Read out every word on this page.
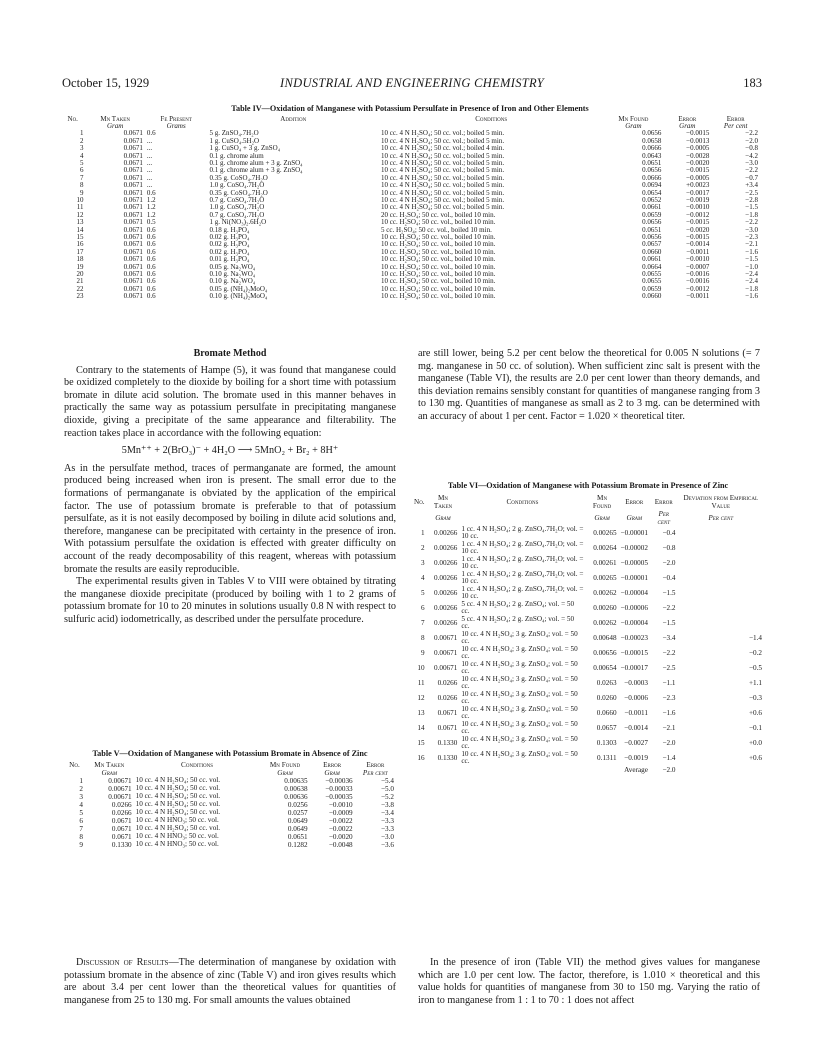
October 15, 1929	INDUSTRIAL AND ENGINEERING CHEMISTRY	183
Table IV—Oxidation of Manganese with Potassium Persulfate in Presence of Iron and Other Elements
No.	Mn Taken	Fe Present	Addition	Conditions	Mn Found	Error	Error
	Gram	Grams			Gram	Gram	Per cent
1	0.0671	0.6	5 g. ZnSO₄.7H₂O	10 cc. 4 N H₂SO₄; 50 cc. vol.; boiled 5 min.	0.0656	−0.0015	−2.2
2	0.0671	...	1 g. CuSO₄.5H₂O	10 cc. 4 N H₂SO₄; 50 cc. vol.; boiled 5 min.	0.0658	−0.0013	−2.0
3	0.0671	...	1 g. CuSO₄ + 3 g. ZnSO₄	10 cc. 4 N H₂SO₄; 50 cc. vol.; boiled 4 min.	0.0666	−0.0005	−0.8
4	0.0671	...	0.1 g. chrome alum	10 cc. 4 N H₂SO₄; 50 cc. vol.; boiled 5 min.	0.0643	−0.0028	−4.2
5	0.0671	...	0.1 g. chrome alum + 3 g. ZnSO₄	10 cc. 4 N H₂SO₄; 50 cc. vol.; boiled 5 min.	0.0651	−0.0020	−3.0
6	0.0671	...	0.1 g. chrome alum + 3 g. ZnSO₄	10 cc. 4 N H₂SO₄; 50 cc. vol.; boiled 5 min.	0.0656	−0.0015	−2.2
7	0.0671	...	0.35 g. CoSO₄.7H₂O	10 cc. 4 N H₂SO₄; 50 cc. vol.; boiled 5 min.	0.0666	−0.0005	−0.7
8	0.0671	...	1.0 g. CoSO₄.7H₂O	10 cc. 4 N H₂SO₄; 50 cc. vol.; boiled 5 min.	0.0694	+0.0023	+3.4
9	0.0671	0.6	0.35 g. CoSO₄.7H₂O	10 cc. 4 N H₂SO₄; 50 cc. vol.; boiled 5 min.	0.0654	−0.0017	−2.5
10	0.0671	1.2	0.7 g. CoSO₄.7H₂O	10 cc. 4 N H₂SO₄; 50 cc. vol.; boiled 5 min.	0.0652	−0.0019	−2.8
11	0.0671	1.2	1.0 g. CoSO₄.7H₂O	10 cc. 4 N H₂SO₄; 50 cc. vol.; boiled 5 min.	0.0661	−0.0010	−1.5
12	0.0671	1.2	0.7 g. CoSO₄.7H₂O	20 cc. H₂SO₄; 50 cc. vol., boiled 10 min.	0.0659	−0.0012	−1.8
13	0.0671	0.5	1 g. Ni(NO₃)₂.6H₂O	10 cc. H₂SO₄; 50 cc. vol., boiled 10 min.	0.0656	−0.0015	−2.2
14	0.0671	0.6	0.18 g. H₃PO₄	5 cc. H₂SO₄; 50 cc. vol., boiled 10 min.	0.0651	−0.0020	−3.0
15	0.0671	0.6	0.02 g. H₃PO₄	10 cc. H₂SO₄; 50 cc. vol., boiled 10 min.	0.0656	−0.0015	−2.3
16	0.0671	0.6	0.02 g. H₃PO₄	10 cc. H₂SO₄; 50 cc. vol., boiled 10 min.	0.0657	−0.0014	−2.1
17	0.0671	0.6	0.02 g. H₃PO₄	10 cc. H₂SO₄; 50 cc. vol., boiled 10 min.	0.0660	−0.0011	−1.6
18	0.0671	0.6	0.01 g. H₃PO₄	10 cc. H₂SO₄; 50 cc. vol., boiled 10 min.	0.0661	−0.0010	−1.5
19	0.0671	0.6	0.05 g. Na₂WO₄	10 cc. H₂SO₄; 50 cc. vol., boiled 10 min.	0.0664	−0.0007	−1.0
20	0.0671	0.6	0.10 g. Na₂WO₄	10 cc. H₂SO₄; 50 cc. vol., boiled 10 min.	0.0655	−0.0016	−2.4
21	0.0671	0.6	0.10 g. Na₂WO₄	10 cc. H₂SO₄; 50 cc. vol., boiled 10 min.	0.0655	−0.0016	−2.4
22	0.0671	0.6	0.05 g. (NH₄)₂MoO₄	10 cc. H₂SO₄; 50 cc. vol., boiled 10 min.	0.0659	−0.0012	−1.8
23	0.0671	0.6	0.10 g. (NH₄)₂MoO₄	10 cc. H₂SO₄; 50 cc. vol., boiled 10 min.	0.0660	−0.0011	−1.6
Bromate Method

Contrary to the statements of Hampe (5), it was found that manganese could be oxidized completely to the dioxide by boiling for a short time with potassium bromate in dilute acid solution. The bromate used in this manner behaves in practically the same way as potassium persulfate in precipitating manganese dioxide, giving a precipitate of the same appearance and filterability. The reaction takes place in accordance with the following equation:

5Mn⁺⁺ + 2(BrO₃)⁻ + 4H₂O ⟶ 5MnO₂ + Br₂ + 8H⁺

As in the persulfate method, traces of permanganate are formed, the amount produced being increased when iron is present. The small error due to the formations of permanganate is obviated by the application of the empirical factor. The use of potassium bromate is preferable to that of potassium persulfate, as it is not easily decomposed by boiling in dilute acid solutions and, therefore, manganese can be precipitated with certainty in the presence of iron. With potassium persulfate the oxidation is effected with greater difficulty on account of the ready decomposability of this reagent, whereas with potassium bromate the results are easily reproducible.

The experimental results given in Tables V to VIII were obtained by titrating the manganese dioxide precipitate (produced by boiling with 1 to 2 grams of potassium bromate for 10 to 20 minutes in solutions usually 0.8 N with respect to sulfuric acid) iodometrically, as described under the persulfate procedure.

Table V—Oxidation of Manganese with Potassium Bromate in Absence of Zinc
No.	Mn Taken	Conditions	Mn Found	Error	Error
	Gram		Gram	Gram	Per cent
1	0.00671	10 cc. 4 N H₂SO₄; 50 cc. vol.	0.00635	−0.00036	−5.4
2	0.00671	10 cc. 4 N H₂SO₄; 50 cc. vol.	0.00638	−0.00033	−5.0
3	0.00671	10 cc. 4 N H₂SO₄; 50 cc. vol.	0.00636	−0.00035	−5.2
4	0.0266	10 cc. 4 N H₂SO₄; 50 cc. vol.	0.0256	−0.0010	−3.8
5	0.0266	10 cc. 4 N H₂SO₄; 50 cc. vol.	0.0257	−0.0009	−3.4
6	0.0671	10 cc. 4 N HNO₃; 50 cc. vol.	0.0649	−0.0022	−3.3
7	0.0671	10 cc. 4 N H₂SO₄; 50 cc. vol.	0.0649	−0.0022	−3.3
8	0.0671	10 cc. 4 N HNO₃; 50 cc. vol.	0.0651	−0.0020	−3.0
9	0.1330	10 cc. 4 N HNO₃; 50 cc. vol.	0.1282	−0.0048	−3.6

Discussion of Results—The determination of manganese by oxidation with potassium bromate in the absence of zinc (Table V) and iron gives results which are about 3.4 per cent lower than the theoretical values for quantities of manganese from 25 to 130 mg. For small amounts the values obtained

are still lower, being 5.2 per cent below the theoretical for 0.005 N solutions (= 7 mg. manganese in 50 cc. of solution). When sufficient zinc salt is present with the manganese (Table VI), the results are 2.0 per cent lower than theory demands, and this deviation remains sensibly constant for quantities of manganese ranging from 3 to 130 mg. Quantities of manganese as small as 2 to 3 mg. can be determined with an accuracy of about 1 per cent. Factor = 1.020 × theoretical titer.

Table VI—Oxidation of Manganese with Potassium Bromate in Presence of Zinc
No.	Mn Taken	Conditions	Mn Found	Error	Error	Deviation from Empirical Value
	Gram		Gram	Gram	Per cent	Per cent
1	0.00266	1 cc. 4 N H₂SO₄; 2 g. ZnSO₄.7H₂O; vol. = 10 cc.	0.00265	−0.00001	−0.4	
2	0.00266	1 cc. 4 N H₂SO₄; 2 g. ZnSO₄.7H₂O; vol. = 10 cc.	0.00264	−0.00002	−0.8	
3	0.00266	1 cc. 4 N H₂SO₄; 2 g. ZnSO₄.7H₂O; vol. = 10 cc.	0.00261	−0.00005	−2.0	
4	0.00266	1 cc. 4 N H₂SO₄; 2 g. ZnSO₄.7H₂O; vol. = 10 cc.	0.00265	−0.00001	−0.4	
5	0.00266	1 cc. 4 N H₂SO₄; 2 g. ZnSO₄.7H₂O; vol. = 10 cc.	0.00262	−0.00004	−1.5	
6	0.00266	5 cc. 4 N H₂SO₄; 2 g. ZnSO₄; vol. = 50 cc.	0.00260	−0.00006	−2.2	
7	0.00266	5 cc. 4 N H₂SO₄; 2 g. ZnSO₄; vol. = 50 cc.	0.00262	−0.00004	−1.5	
8	0.00671	10 cc. 4 N H₂SO₄; 3 g. ZnSO₄; vol. = 50 cc.	0.00648	−0.00023	−3.4	−1.4
9	0.00671	10 cc. 4 N H₂SO₄; 3 g. ZnSO₄; vol. = 50 cc.	0.00656	−0.00015	−2.2	−0.2
10	0.00671	10 cc. 4 N H₂SO₄; 3 g. ZnSO₄; vol. = 50 cc.	0.00654	−0.00017	−2.5	−0.5
11	0.0266	10 cc. 4 N H₂SO₄; 3 g. ZnSO₄; vol. = 50 cc.	0.0263	−0.0003	−1.1	+1.1
12	0.0266	10 cc. 4 N H₂SO₄; 3 g. ZnSO₄; vol. = 50 cc.	0.0260	−0.0006	−2.3	−0.3
13	0.0671	10 cc. 4 N H₂SO₄; 3 g. ZnSO₄; vol. = 50 cc.	0.0660	−0.0011	−1.6	+0.6
14	0.0671	10 cc. 4 N H₂SO₄; 3 g. ZnSO₄; vol. = 50 cc.	0.0657	−0.0014	−2.1	−0.1
15	0.1330	10 cc. 4 N H₂SO₄; 3 g. ZnSO₄; vol. = 50 cc.	0.1303	−0.0027	−2.0	+0.0
16	0.1330	10 cc. 4 N H₂SO₄; 3 g. ZnSO₄; vol. = 50 cc.	0.1311	−0.0019	−1.4	+0.6
				Average	−2.0	

In the presence of iron (Table VII) the method gives values for manganese which are 1.0 per cent low. The factor, therefore, is 1.010 × theoretical and this value holds for quantities of manganese from 30 to 150 mg. Varying the ratio of iron to manganese from 1 : 1 to 70 : 1 does not affect
